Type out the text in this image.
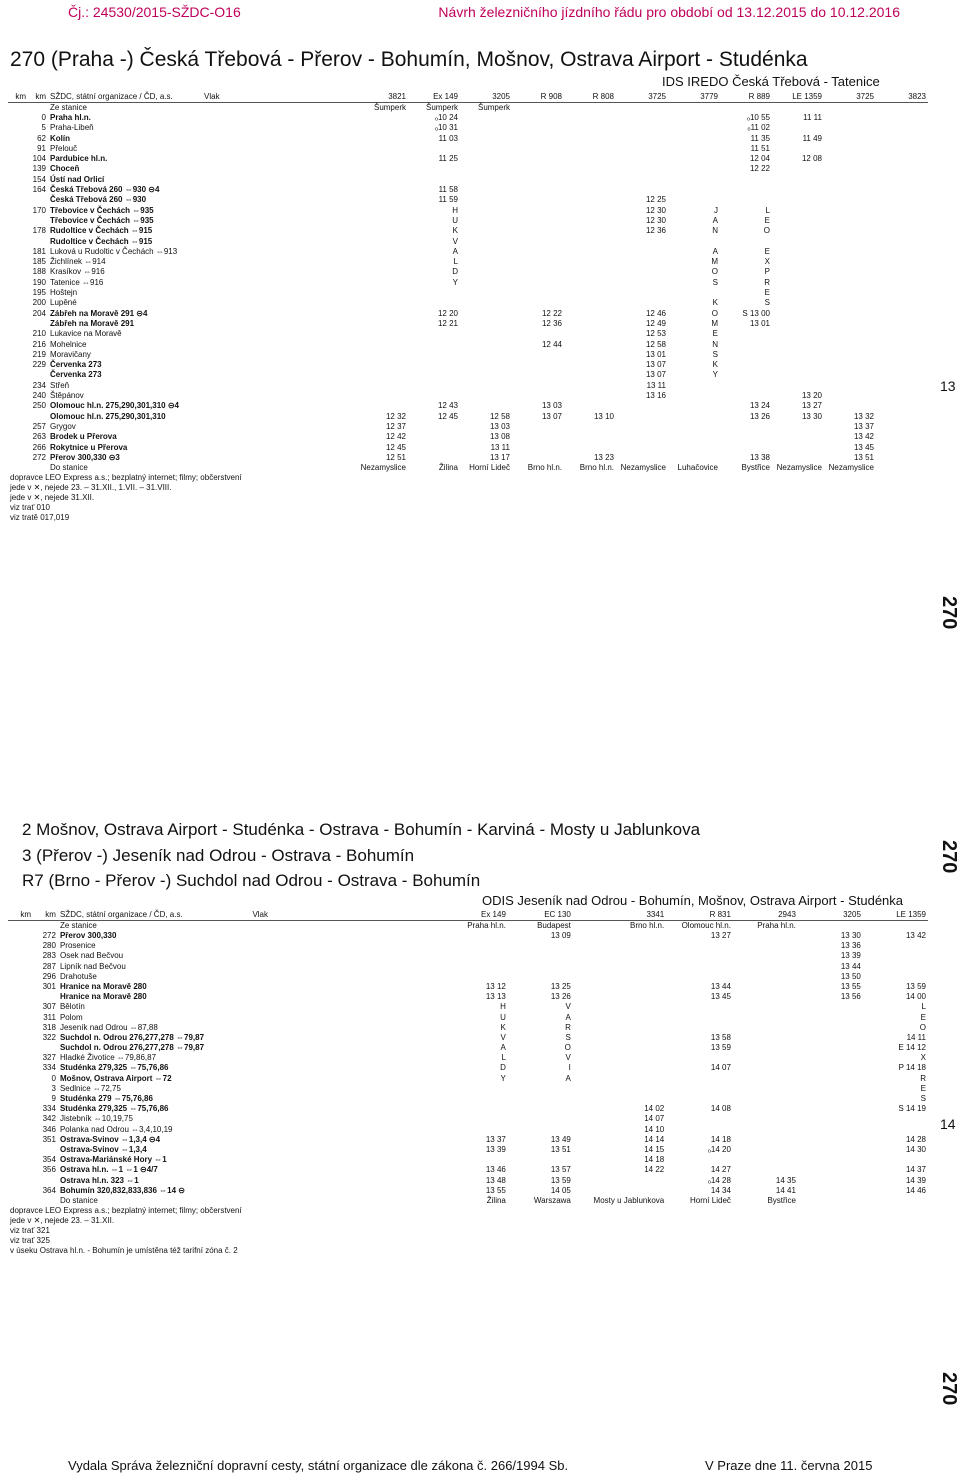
Čj.: 24530/2015-SŽDC-O16	Návrh železničního jízdního řádu pro období od 13.12.2015 do 10.12.2016
270 (Praha -) Česká Třebová - Přerov - Bohumín, Mošnov, Ostrava Airport - Studénka
IDS IREDO Česká Třebová - Tatenice
km	km	SŽDC, státní organizace / ČD, a.s.	Vlak	3821	Ex 149	3205	R 908	R 808	3725	3779	R 889	LE 1359	3725	3823
		Ze stanice		Šumperk	Šumperk	Šumperk								
	0	Praha hl.n.			ₒ10 24						ₒ10 55	11 11		
	5	Praha-Libeň			ₒ10 31						ₒ11 02			
	62	Kolín			11 03						11 35	11 49		
	91	Přelouč									11 51			
	104	Pardubice hl.n.			11 25						12 04	12 08		
	139	Choceň									12 22			
	154	Ústí nad Orlicí												
	164	Česká Třebová 260 ⇔930 ⊝4			11 58									
		Česká Třebová 260 ⇔930			11 59				12 25					
	170	Třebovice v Čechách ⇔935			H				12 30	J	L			
		Třebovice v Čechách ⇔935			U				12 30	A	E			
	178	Rudoltice v Čechách ⇔915			K				12 36	N	O			
		Rudoltice v Čechách ⇔915			V									
	181	Luková u Rudoltic v Čechách ⇔913			A					A	E			
	185	Žichlínek ⇔914			L					M	X			
	188	Krasíkov ⇔916			D					O	P			
	190	Tatenice ⇔916			Y					S	R			
	195	Hoštejn									E			
	200	Lupěné								K	S			
	204	Zábřeh na Moravě 291 ⊝4			12 20		12 22		12 46	O	S 13 00			
		Zábřeh na Moravě 291			12 21		12 36		12 49	M	13 01			
	210	Lukavice na Moravě							12 53	E				
	216	Mohelnice					12 44		12 58	N				
	219	Moravičany							13 01	S				
	229	Červenka 273							13 07	K				
		Červenka 273							13 07	Y				
	234	Střeň							13 11					
	240	Štěpánov							13 16			13 20		
	250	Olomouc hl.n. 275,290,301,310 ⊝4			12 43		13 03				13 24	13 27		
		Olomouc hl.n. 275,290,301,310		12 32	12 45	12 58	13 07	13 10			13 26	13 30	13 32	
	257	Grygov		12 37		13 03							13 37	
	263	Brodek u Přerova		12 42		13 08							13 42	
	266	Rokytnice u Přerova		12 45		13 11							13 45	
	272	Přerov 300,330 ⊝3		12 51		13 17		13 23			13 38		13 51	
		Do stanice		Nezamyslice	Žilina	Horní Lideč	Brno hl.n.	Brno hl.n.	Nezamyslice	Luhačovice	Bystřice	Nezamyslice	Nezamyslice	
dopravce LEO Express a.s.; bezplatný internet; filmy; občerstvení														
jede v ✕, nejede 23. – 31.XII., 1.VII. – 31.VIII.														
jede v ✕, nejede 31.XII.														
viz trať 010														
viz tratě 017,019														
13
270
2 Mošnov, Ostrava Airport - Studénka - Ostrava - Bohumín - Karviná - Mosty u Jablunkova
3 (Přerov -) Jeseník nad Odrou - Ostrava - Bohumín
R7 (Brno - Přerov -) Suchdol nad Odrou - Ostrava - Bohumín
ODIS Jeseník nad Odrou - Bohumín, Mošnov, Ostrava Airport - Studénka
270
km	km	SŽDC, státní organizace / ČD, a.s.	Vlak	Ex 149	EC 130	3341	R 831	2943	3205	LE 1359
		Ze stanice		Praha hl.n.	Budapest	Brno hl.n.	Olomouc hl.n.	Praha hl.n.		
	272	Přerov 300,330			13 09		13 27		13 30	13 42
	280	Prosenice							13 36	
	283	Osek nad Bečvou							13 39	
	287	Lipník nad Bečvou							13 44	
	296	Drahotuše							13 50	
	301	Hranice na Moravě 280		13 12	13 25		13 44		13 55	13 59
		Hranice na Moravě 280		13 13	13 26		13 45		13 56	14 00
	307	Bělotín		H	V					L
	311	Polom		U	A					E
	318	Jeseník nad Odrou ⇔87,88		K	R					O
	322	Suchdol n. Odrou 276,277,278 ⇔79,87		V	S		13 58			14 11
		Suchdol n. Odrou 276,277,278 ⇔79,87		A	O		13 59			E 14 12
	327	Hladké Životice ⇔79,86,87		L	V					X
	334	Studénka 279,325 ⇔75,76,86		D	I		14 07			P 14 18
	0	Mošnov, Ostrava Airport ⇔72		Y	A					R
	3	Sedlnice ⇔72,75								E
	9	Studénka 279 ⇔75,76,86								S
	334	Studénka 279,325 ⇔75,76,86				14 02	14 08			S 14 19
	342	Jistebník ⇔10,19,75				14 07				
	346	Polanka nad Odrou ⇔3,4,10,19				14 10				
	351	Ostrava-Svinov ⇔1,3,4 ⊝4		13 37	13 49	14 14	14 18			14 28
		Ostrava-Svinov ⇔1,3,4		13 39	13 51	14 15	ₒ14 20			14 30
	354	Ostrava-Mariánské Hory ⇔1				14 18				
	356	Ostrava hl.n. ⇔1 ⇔1 ⊝4/7		13 46	13 57	14 22	14 27			14 37
		Ostrava hl.n. 323 ⇔1		13 48	13 59		ₒ14 28	14 35		14 39
	364	Bohumín 320,832,833,836 ⇔14 ⊝		13 55	14 05		14 34	14 41		14 46
		Do stanice		Žilina	Warszawa	Mosty u Jablunkova	Horní Lideč	Bystřice		
dopravce LEO Express a.s.; bezplatný internet; filmy; občerstvení										
jede v ✕, nejede 23. – 31.XII.										
viz trať 321										
viz trať 325										
v úseku Ostrava hl.n. - Bohumín je umístěna též tarifní zóna č. 2										
14
270
Vydala Správa železniční dopravní cesty, státní organizace dle zákona č. 266/1994 Sb.	V Praze dne 11. června 2015
